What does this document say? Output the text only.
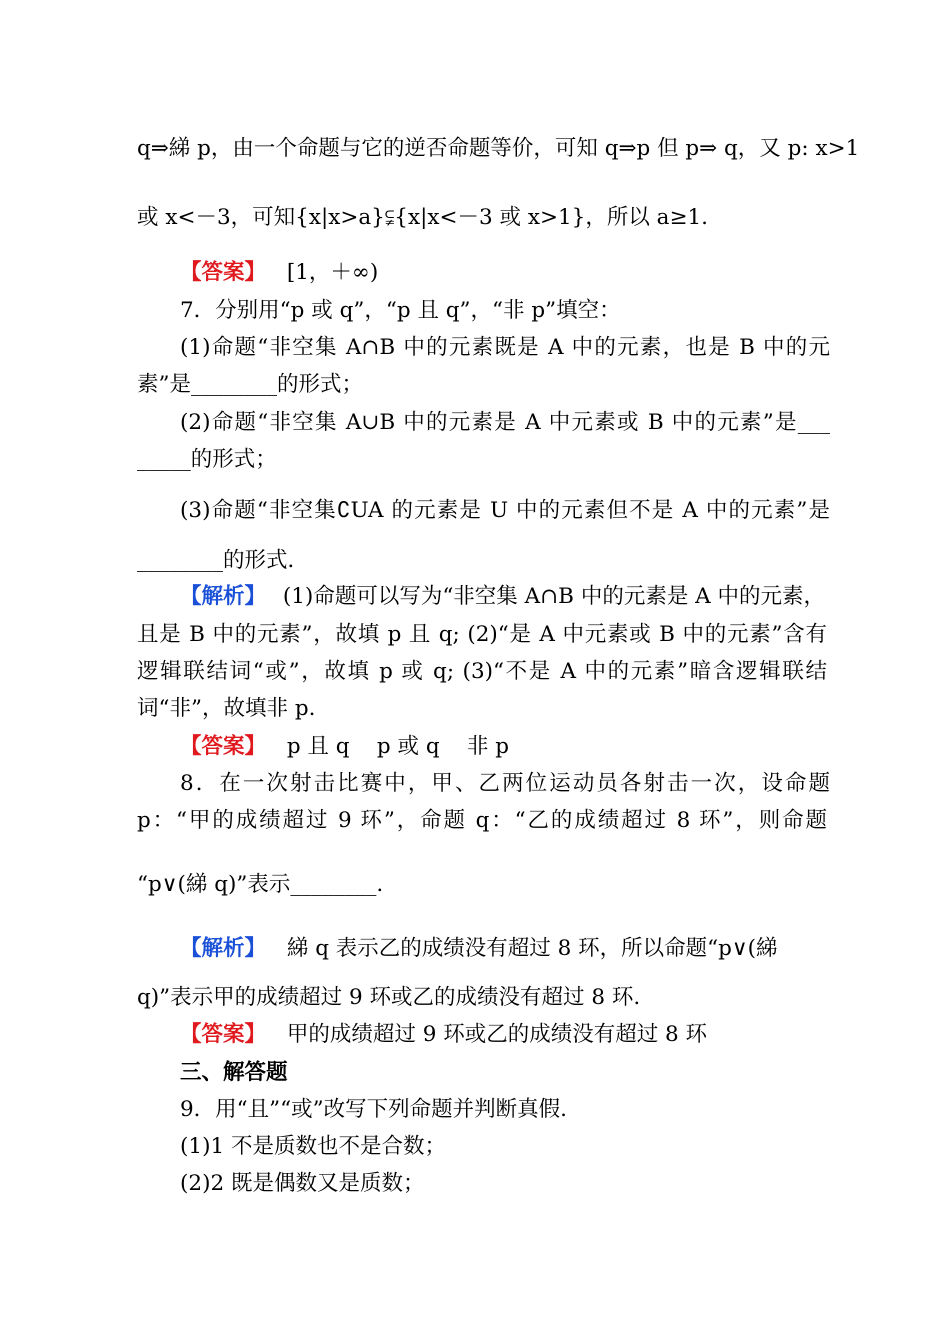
q⇒綈 p，由一个命题与它的逆否命题等价，可知 q⇒p 但 p⇒ q，又 p: x>1
或 x<－3，可知{x|x>a}⫋{x|x<－3 或 x>1}，所以 a≥1.
【答案】 [1，＋∞)
7．分别用“p 或 q”，“p 且 q”，“非 p”填空：
(1)命题“非空集 A∩B 中的元素既是 A 中的元素，也是 B 中的元
素”是________的形式；
(2)命题“非空集 A∪B 中的元素是 A 中元素或 B 中的元素”是___
_____的形式；
(3)命题“非空集∁UA 的元素是 U 中的元素但不是 A 中的元素”是
________的形式．
【解析】 (1)命题可以写为“非空集 A∩B 中的元素是 A 中的元素，
且是 B 中的元素”，故填 p 且 q; (2)“是 A 中元素或 B 中的元素”含有
逻辑联结词“或”，故填 p 或 q; (3)“不是 A 中的元素”暗含逻辑联结
词“非”，故填非 p.
【答案】 p 且 q    p 或 q    非 p
8．在一次射击比赛中，甲、乙两位运动员各射击一次，设命题
p：“甲的成绩超过 9 环”，命题 q：“乙的成绩超过 8 环”，则命题
“p∨(綈 q)”表示________.
【解析】 綈 q 表示乙的成绩没有超过 8 环，所以命题“p∨(綈
q)”表示甲的成绩超过 9 环或乙的成绩没有超过 8 环.
【答案】 甲的成绩超过 9 环或乙的成绩没有超过 8 环
三、解答题
9．用“且”“或”改写下列命题并判断真假.
(1)1 不是质数也不是合数；
(2)2 既是偶数又是质数；
